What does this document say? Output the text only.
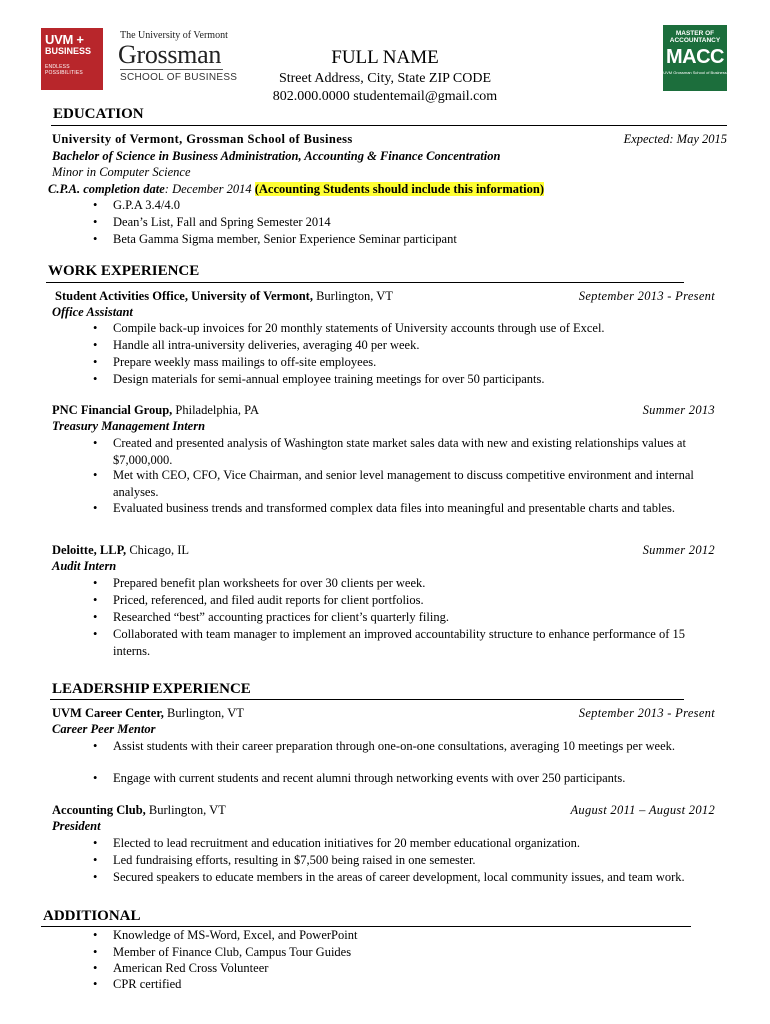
UVM +
BUSINESS
ENDLESS
POSSIBILITIES
The University of Vermont
Grossman
SCHOOL OF BUSINESS
MASTER OF
ACCOUNTANCY
MACC
UVM Grossman School of Business
FULL NAME
Street Address, City, State ZIP CODE
802.000.0000 studentemail@gmail.com
EDUCATION
University of Vermont, Grossman School of Business	Expected: May 2015
Bachelor of Science in Business Administration, Accounting & Finance Concentration
Minor in Computer Science
C.P.A. completion date: December 2014 (Accounting Students should include this information)
• G.P.A 3.4/4.0
• Dean’s List, Fall and Spring Semester 2014
• Beta Gamma Sigma member, Senior Experience Seminar participant
WORK EXPERIENCE
Student Activities Office, University of Vermont, Burlington, VT	September 2013 - Present
Office Assistant
• Compile back-up invoices for 20 monthly statements of University accounts through use of Excel.
• Handle all intra-university deliveries, averaging 40 per week.
• Prepare weekly mass mailings to off-site employees.
• Design materials for semi-annual employee training meetings for over 50 participants.
PNC Financial Group, Philadelphia, PA	Summer 2013
Treasury Management Intern
• Created and presented analysis of Washington state market sales data with new and existing relationships values at $7,000,000.
• Met with CEO, CFO, Vice Chairman, and senior level management to discuss competitive environment and internal analyses.
• Evaluated business trends and transformed complex data files into meaningful and presentable charts and tables.
Deloitte, LLP, Chicago, IL	Summer 2012
Audit Intern
• Prepared benefit plan worksheets for over 30 clients per week.
• Priced, referenced, and filed audit reports for client portfolios.
• Researched “best” accounting practices for client’s quarterly filing.
• Collaborated with team manager to implement an improved accountability structure to enhance performance of 15 interns.
LEADERSHIP EXPERIENCE
UVM Career Center, Burlington, VT	September 2013 - Present
Career Peer Mentor
• Assist students with their career preparation through one-on-one consultations, averaging 10 meetings per week.
• Engage with current students and recent alumni through networking events with over 250 participants.
Accounting Club, Burlington, VT	August 2011 – August 2012
President
• Elected to lead recruitment and education initiatives for 20 member educational organization.
• Led fundraising efforts, resulting in $7,500 being raised in one semester.
• Secured speakers to educate members in the areas of career development, local community issues, and team work.
ADDITIONAL
• Knowledge of MS-Word, Excel, and PowerPoint
• Member of Finance Club, Campus Tour Guides
• American Red Cross Volunteer
• CPR certified
